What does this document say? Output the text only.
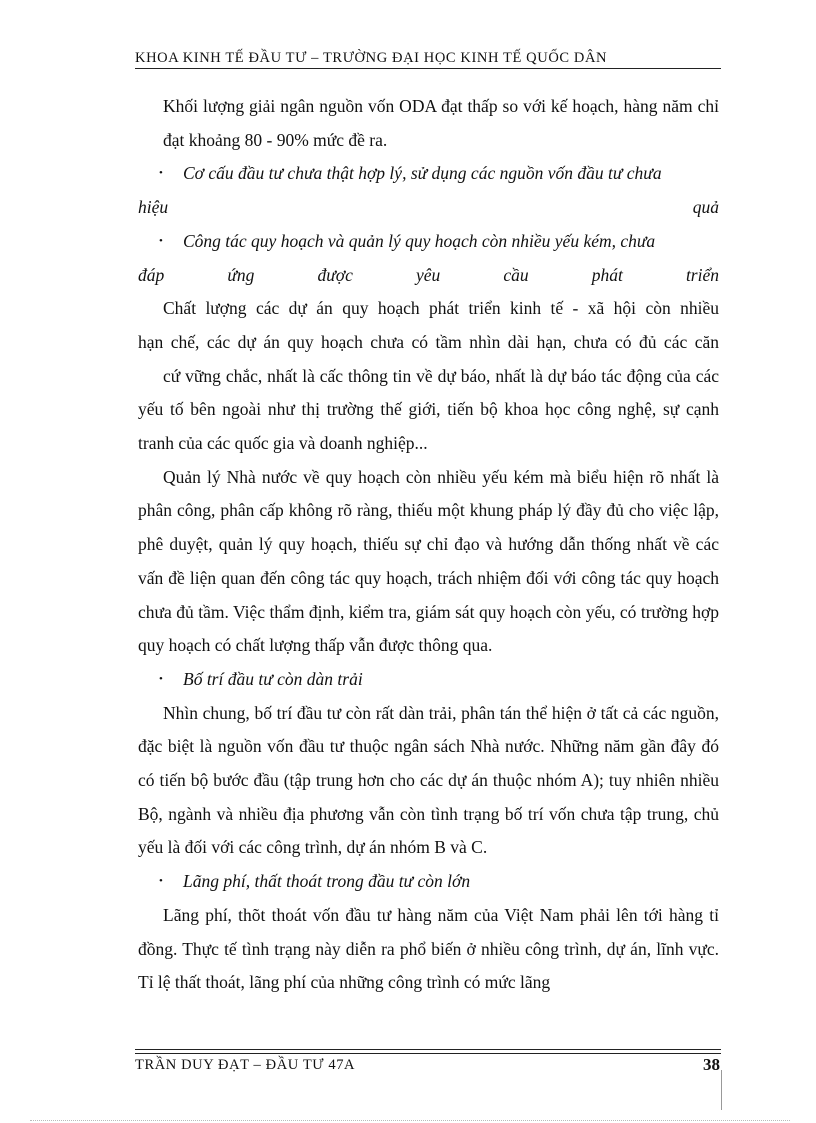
KHOA KINH TẾ ĐẦU TƯ – TRƯỜNG ĐẠI HỌC KINH TẾ QUỐC DÂN

Khối lượng giải ngân nguồn vốn ODA đạt thấp so với kế hoạch, hàng năm chỉ đạt khoảng 80 - 90% mức đề ra.

•	Cơ cấu đầu tư chưa thật hợp lý, sử dụng các nguồn vốn đầu tư chưa
hiệu quả
•	Công tác quy hoạch và quản lý quy hoạch còn nhiều yếu kém, chưa
đáp ứng được yêu cầu phát triển

Chất lượng các dự án quy hoạch phát triển kinh tế - xã hội còn nhiều

hạn chế, các dự án quy hoạch chưa có tầm nhìn dài hạn, chưa có đủ các căn

cứ vững chắc, nhất là cấc thông tin về dự báo, nhất là dự báo tác động của các yếu tố bên ngoài như thị trường thế giới, tiến bộ khoa học công nghệ, sự cạnh tranh của các quốc gia và doanh nghiệp...

Quản lý Nhà nước về quy hoạch còn nhiều yếu kém mà biểu hiện rõ nhất là phân công, phân cấp không rõ ràng, thiếu một khung pháp lý đầy đủ cho việc lập, phê duyệt, quản lý quy hoạch, thiếu sự chỉ đạo và hướng dẫn thống nhất về các vấn đề liện quan đến công tác quy hoạch, trách nhiệm đối với công tác quy hoạch chưa đủ tầm. Việc thẩm định, kiểm tra, giám sát quy hoạch còn yếu, có trường hợp quy hoạch có chất lượng thấp vẫn được thông qua.

•	Bố trí đầu tư còn dàn trải

Nhìn chung, bố trí đầu tư còn rất dàn trải, phân tán thể hiện ở tất cả các nguồn, đặc biệt là nguồn vốn đầu tư thuộc ngân sách Nhà nước. Những năm gần đây đó có tiến bộ bước đầu (tập trung hơn cho các dự án thuộc nhóm A); tuy nhiên nhiều Bộ, ngành và nhiều địa phương vẫn còn tình trạng bố trí vốn chưa tập trung, chủ yếu là đối với các công trình, dự án nhóm B và C.

•	Lãng phí, thất thoát trong đầu tư còn lớn

Lãng phí, thõt thoát vốn đầu tư hàng năm của Việt Nam phải lên tới hàng tỉ đồng. Thực tế tình trạng này diễn ra phổ biến ở nhiều công trình, dự án, lĩnh vực. Tỉ lệ thất thoát, lãng phí của những công trình có mức lãng

TRẦN DUY ĐẠT – ĐẦU TƯ 47A	38
